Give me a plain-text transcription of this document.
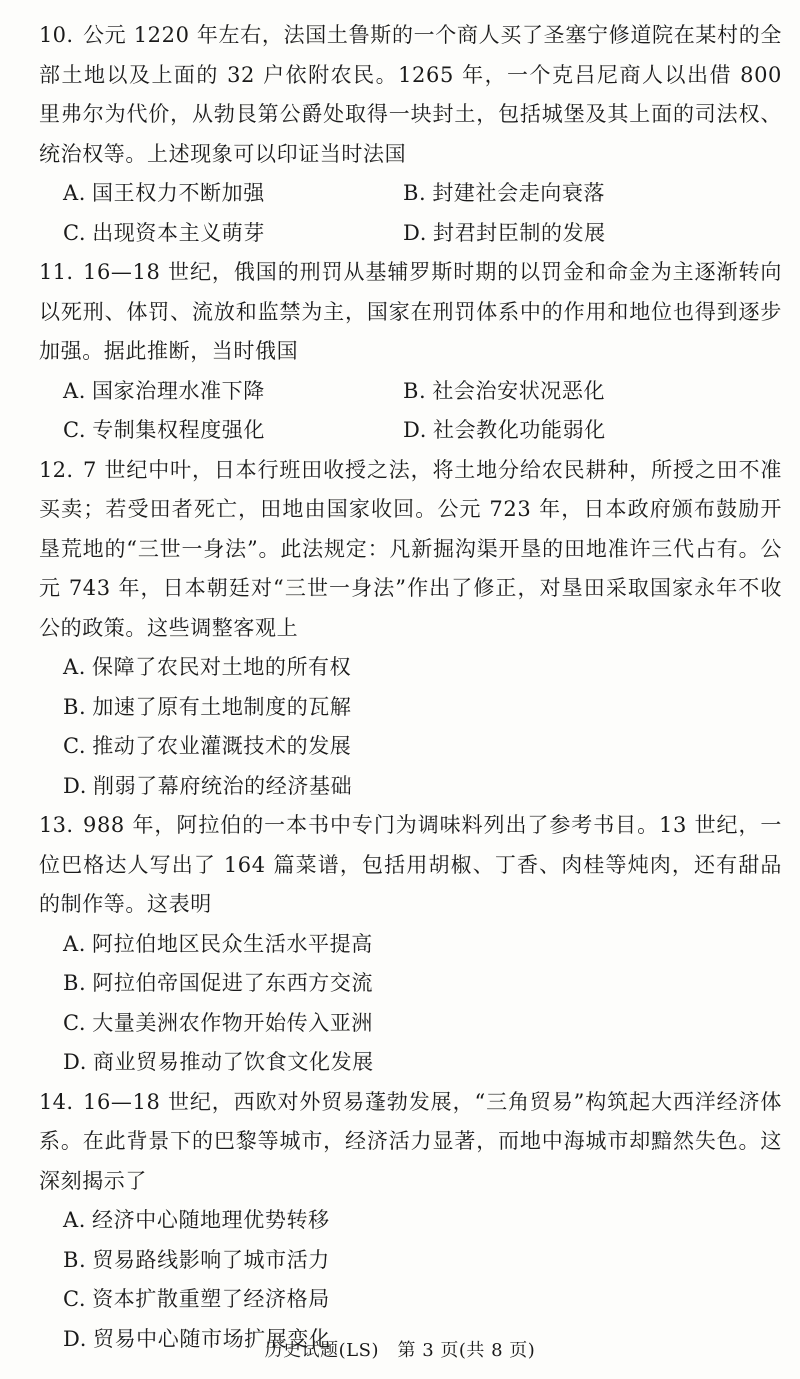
10. 公元 1220 年左右，法国土鲁斯的一个商人买了圣塞宁修道院在某村的全部土地以及上面的 32 户依附农民。1265 年，一个克吕尼商人以出借 800 里弗尔为代价，从勃艮第公爵处取得一块封土，包括城堡及其上面的司法权、统治权等。上述现象可以印证当时法国

A. 国王权力不断加强	B. 封建社会走向衰落
C. 出现资本主义萌芽	D. 封君封臣制的发展
11. 16—18 世纪，俄国的刑罚从基辅罗斯时期的以罚金和命金为主逐渐转向以死刑、体罚、流放和监禁为主，国家在刑罚体系中的作用和地位也得到逐步加强。据此推断，当时俄国

A. 国家治理水准下降	B. 社会治安状况恶化
C. 专制集权程度强化	D. 社会教化功能弱化
12. 7 世纪中叶，日本行班田收授之法，将土地分给农民耕种，所授之田不准买卖；若受田者死亡，田地由国家收回。公元 723 年，日本政府颁布鼓励开垦荒地的“三世一身法”。此法规定：凡新掘沟渠开垦的田地准许三代占有。公元 743 年，日本朝廷对“三世一身法”作出了修正，对垦田采取国家永年不收公的政策。这些调整客观上

A. 保障了农民对土地的所有权
B. 加速了原有土地制度的瓦解
C. 推动了农业灌溉技术的发展
D. 削弱了幕府统治的经济基础
13. 988 年，阿拉伯的一本书中专门为调味料列出了参考书目。13 世纪，一位巴格达人写出了 164 篇菜谱，包括用胡椒、丁香、肉桂等炖肉，还有甜品的制作等。这表明

A. 阿拉伯地区民众生活水平提高
B. 阿拉伯帝国促进了东西方交流
C. 大量美洲农作物开始传入亚洲
D. 商业贸易推动了饮食文化发展
14. 16—18 世纪，西欧对外贸易蓬勃发展，“三角贸易”构筑起大西洋经济体系。在此背景下的巴黎等城市，经济活力显著，而地中海城市却黯然失色。这深刻揭示了

A. 经济中心随地理优势转移
B. 贸易路线影响了城市活力
C. 资本扩散重塑了经济格局
D. 贸易中心随市场扩展变化
历史试题(LS)　第 3 页(共 8 页)
